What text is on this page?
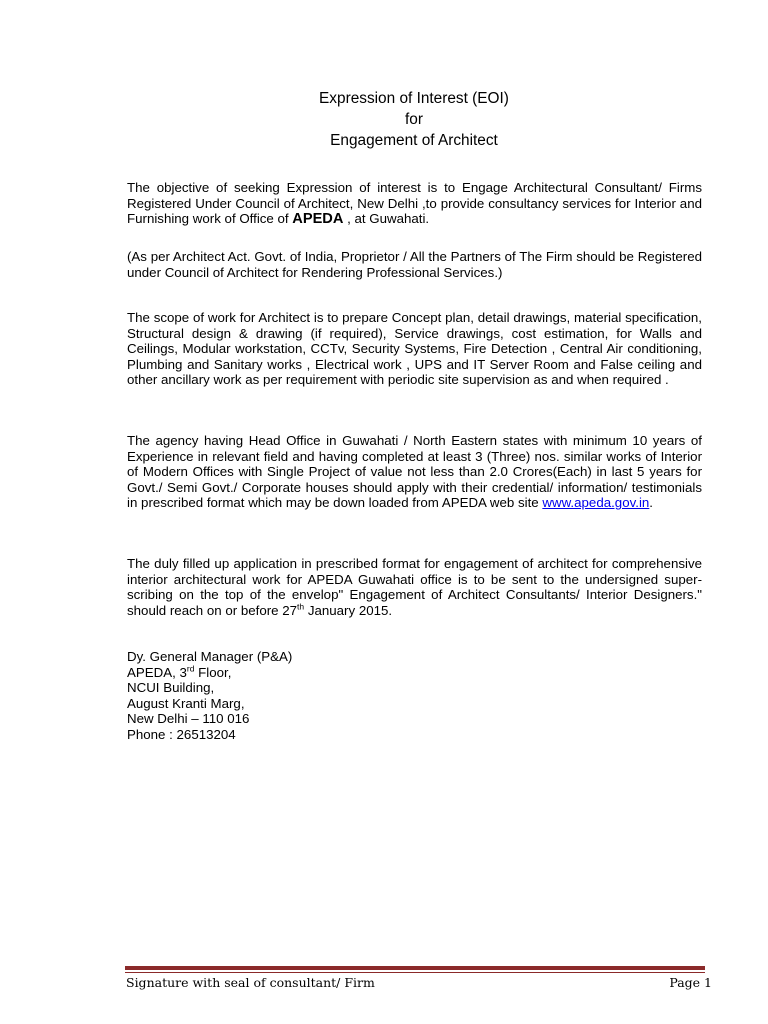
Expression of Interest (EOI)
for
Engagement of Architect
The objective of seeking Expression of interest is to Engage Architectural Consultant/ Firms Registered Under Council of Architect, New Delhi ,to provide consultancy services for Interior and Furnishing work of Office of APEDA , at Guwahati.
(As per Architect Act. Govt. of India, Proprietor / All the Partners of The Firm should be Registered under Council of Architect for Rendering Professional Services.)
The scope of work for Architect is to prepare Concept plan, detail drawings, material specification, Structural design & drawing (if required), Service drawings, cost estimation, for Walls and Ceilings, Modular workstation, CCTv, Security Systems, Fire Detection , Central Air conditioning, Plumbing and Sanitary works , Electrical work , UPS and IT Server Room and False ceiling and other ancillary work as per requirement with periodic site supervision as and when required .
The agency having Head Office in Guwahati / North Eastern states with minimum 10 years of Experience in relevant field and having completed at least 3 (Three) nos. similar works of Interior of Modern Offices with Single Project of value not less than 2.0 Crores(Each) in last 5 years for Govt./ Semi Govt./ Corporate houses should apply with their credential/ information/ testimonials in prescribed format which may be down loaded from APEDA web site www.apeda.gov.in.
The duly filled up application in prescribed format for engagement of architect for comprehensive interior architectural work for APEDA Guwahati office is to be sent to the undersigned super-scribing on the top of the envelop" Engagement of Architect Consultants/ Interior Designers." should reach on or before 27th January 2015.
Dy. General Manager (P&A)
APEDA, 3rd Floor,
NCUI Building,
August Kranti Marg,
New Delhi – 110 016
Phone : 26513204
Signature with seal of consultant/ Firm	Page 1
